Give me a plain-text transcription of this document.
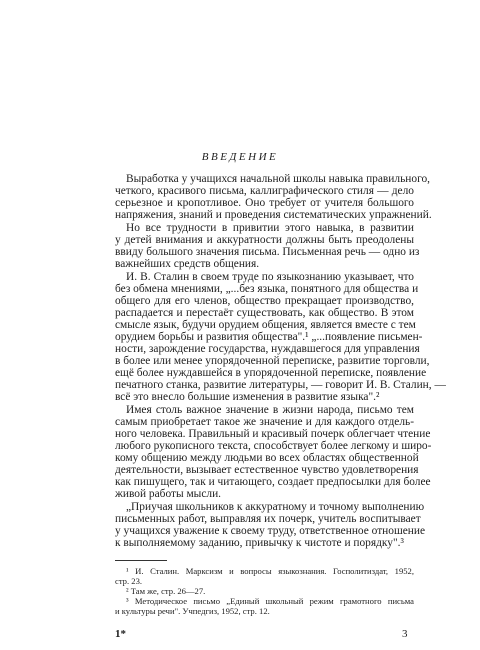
ВВЕДЕНИЕ
Выработка у учащихся начальной школы навыка правильного,
четкого, красивого письма, каллиграфического стиля — дело
серьезное и кропотливое. Оно требует от учителя большого
напряжения, знаний и проведения систематических упражнений.
Но все трудности в привитии этого навыка, в развитии
у детей внимания и аккуратности должны быть преодолены
ввиду большого значения письма. Письменная речь — одно из
важнейших средств общения.
И. В. Сталин в своем труде по языкознанию указывает, что
без обмена мнениями, „...без языка, понятного для общества и
общего для его членов, общество прекращает производство,
распадается и перестаёт существовать, как общество. В этом
смысле язык, будучи орудием общения, является вместе с тем
орудием борьбы и развития общества".¹ „...появление письмен-
ности, зарождение государства, нуждавшегося для управления
в более или менее упорядоченной переписке, развитие торговли,
ещё более нуждавшейся в упорядоченной переписке, появление
печатного станка, развитие литературы, — говорит И. В. Сталин, —
всё это внесло большие изменения в развитие языка".²
Имея столь важное значение в жизни народа, письмо тем
самым приобретает такое же значение и для каждого отдель-
ного человека. Правильный и красивый почерк облегчает чтение
любого рукописного текста, способствует более легкому и широ-
кому общению между людьми во всех областях общественной
деятельности, вызывает естественное чувство удовлетворения
как пишущего, так и читающего, создает предпосылки для более
живой работы мысли.
„Приучая школьников к аккуратному и точному выполнению
письменных работ, выправляя их почерк, учитель воспитывает
у учащихся уважение к своему труду, ответственное отношение
к выполняемому заданию, привычку к чистоте и порядку".³
¹ И. Сталин. Марксизм и вопросы языкознания. Госполитиздат, 1952,
стр. 23.
² Там же, стр. 26—27.
³ Методическое письмо „Единый школьный режим грамотного письма
и культуры речи". Учпедгиз, 1952, стр. 12.
1*	3
